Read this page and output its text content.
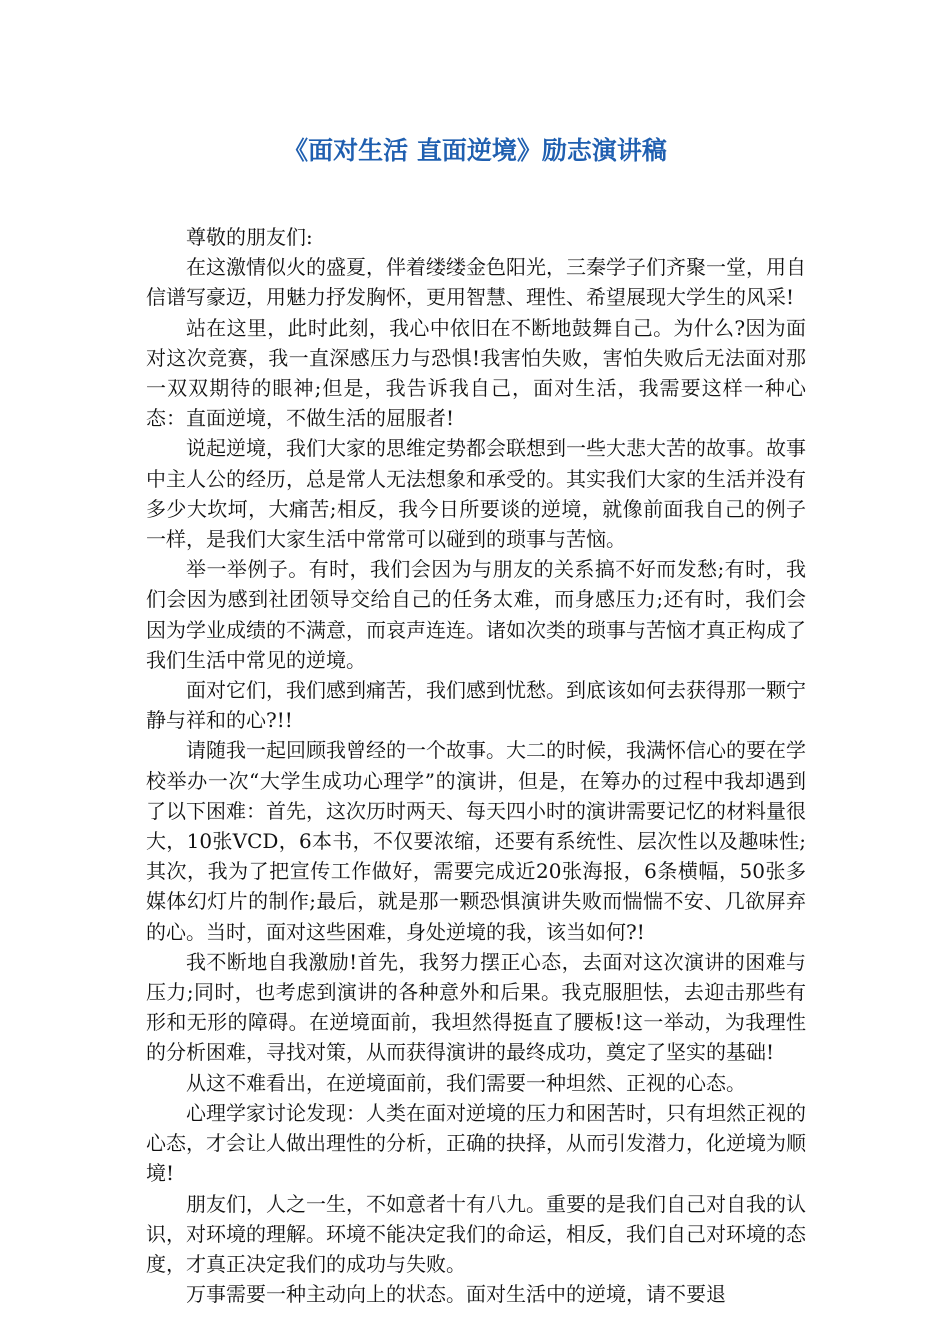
《面对生活 直面逆境》励志演讲稿

尊敬的朋友们:

在这激情似火的盛夏，伴着缕缕金色阳光，三秦学子们齐聚一堂，用自信谱写豪迈，用魅力抒发胸怀，更用智慧、理性、希望展现大学生的风采!

站在这里，此时此刻，我心中依旧在不断地鼓舞自己。为什么?因为面对这次竞赛，我一直深感压力与恐惧!我害怕失败，害怕失败后无法面对那一双双期待的眼神;但是，我告诉我自己，面对生活，我需要这样一种心态：直面逆境，不做生活的屈服者!

说起逆境，我们大家的思维定势都会联想到一些大悲大苦的故事。故事中主人公的经历，总是常人无法想象和承受的。其实我们大家的生活并没有多少大坎坷，大痛苦;相反，我今日所要谈的逆境，就像前面我自己的例子一样，是我们大家生活中常常可以碰到的琐事与苦恼。

举一举例子。有时，我们会因为与朋友的关系搞不好而发愁;有时，我们会因为感到社团领导交给自己的任务太难，而身感压力;还有时，我们会因为学业成绩的不满意，而哀声连连。诸如次类的琐事与苦恼才真正构成了我们生活中常见的逆境。

面对它们，我们感到痛苦，我们感到忧愁。到底该如何去获得那一颗宁静与祥和的心?!!

请随我一起回顾我曾经的一个故事。大二的时候，我满怀信心的要在学校举办一次“大学生成功心理学”的演讲，但是，在筹办的过程中我却遇到了以下困难：首先，这次历时两天、每天四小时的演讲需要记忆的材料量很大，10张VCD，6本书，不仅要浓缩，还要有系统性、层次性以及趣味性;其次，我为了把宣传工作做好，需要完成近20张海报，6条横幅，50张多媒体幻灯片的制作;最后，就是那一颗恐惧演讲失败而惴惴不安、几欲屏弃的心。当时，面对这些困难，身处逆境的我，该当如何?!

我不断地自我激励!首先，我努力摆正心态，去面对这次演讲的困难与压力;同时，也考虑到演讲的各种意外和后果。我克服胆怯，去迎击那些有形和无形的障碍。在逆境面前，我坦然得挺直了腰板!这一举动，为我理性的分析困难，寻找对策，从而获得演讲的最终成功，奠定了坚实的基础!

从这不难看出，在逆境面前，我们需要一种坦然、正视的心态。

心理学家讨论发现：人类在面对逆境的压力和困苦时，只有坦然正视的心态，才会让人做出理性的分析，正确的抉择，从而引发潜力，化逆境为顺境!

朋友们，人之一生，不如意者十有八九。重要的是我们自己对自我的认识，对环境的理解。环境不能决定我们的命运，相反，我们自己对环境的态度，才真正决定我们的成功与失败。

万事需要一种主动向上的状态。面对生活中的逆境，请不要退
